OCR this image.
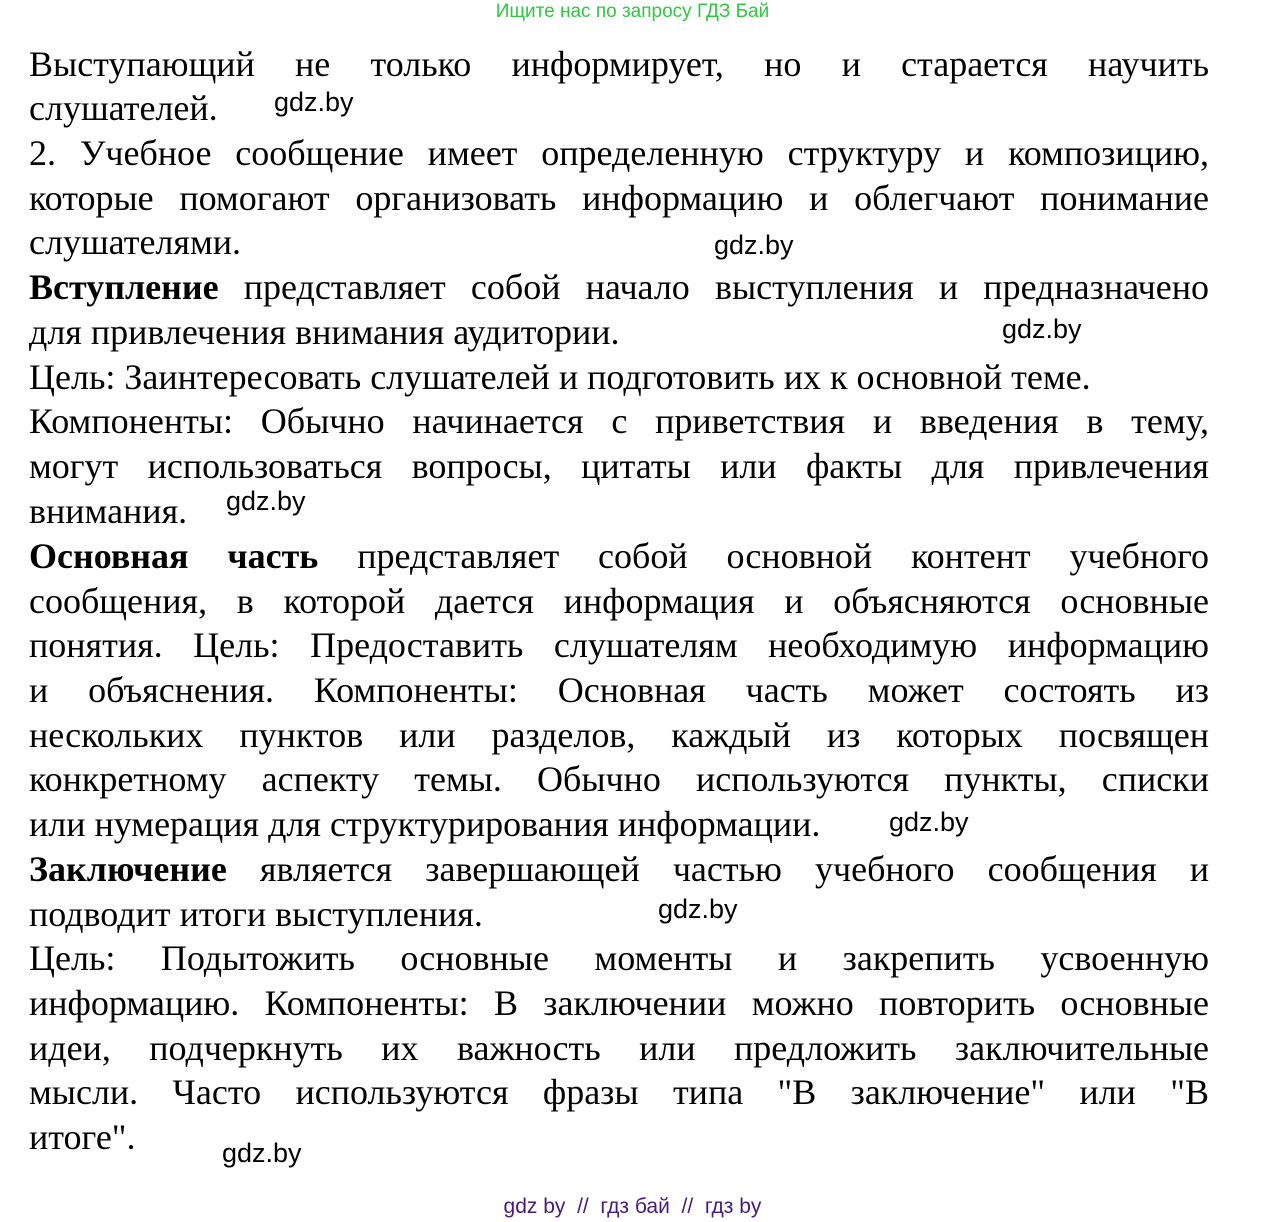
Ищите нас по запросу ГДЗ Бай
Выступающий не только информирует, но и старается научить
слушателей.
2. Учебное сообщение имеет определенную структуру и композицию,
которые помогают организовать информацию и облегчают понимание
слушателями.
Вступление представляет собой начало выступления и предназначено
для привлечения внимания аудитории.
Цель: Заинтересовать слушателей и подготовить их к основной теме.
Компоненты: Обычно начинается с приветствия и введения в тему,
могут использоваться вопросы, цитаты или факты для привлечения
внимания.
Основная часть представляет собой основной контент учебного
сообщения, в которой дается информация и объясняются основные
понятия. Цель: Предоставить слушателям необходимую информацию
и объяснения. Компоненты: Основная часть может состоять из
нескольких пунктов или разделов, каждый из которых посвящен
конкретному аспекту темы. Обычно используются пункты, списки
или нумерация для структурирования информации.
Заключение является завершающей частью учебного сообщения и
подводит итоги выступления.
Цель: Подытожить основные моменты и закрепить усвоенную
информацию. Компоненты: В заключении можно повторить основные
идеи, подчеркнуть их важность или предложить заключительные
мысли. Часто используются фразы типа "В заключение" или "В
итоге".
gdz.by
gdz.by
gdz.by
gdz.by
gdz.by
gdz.by
gdz.by
gdz by  //  гдз бай  //  гдз by
